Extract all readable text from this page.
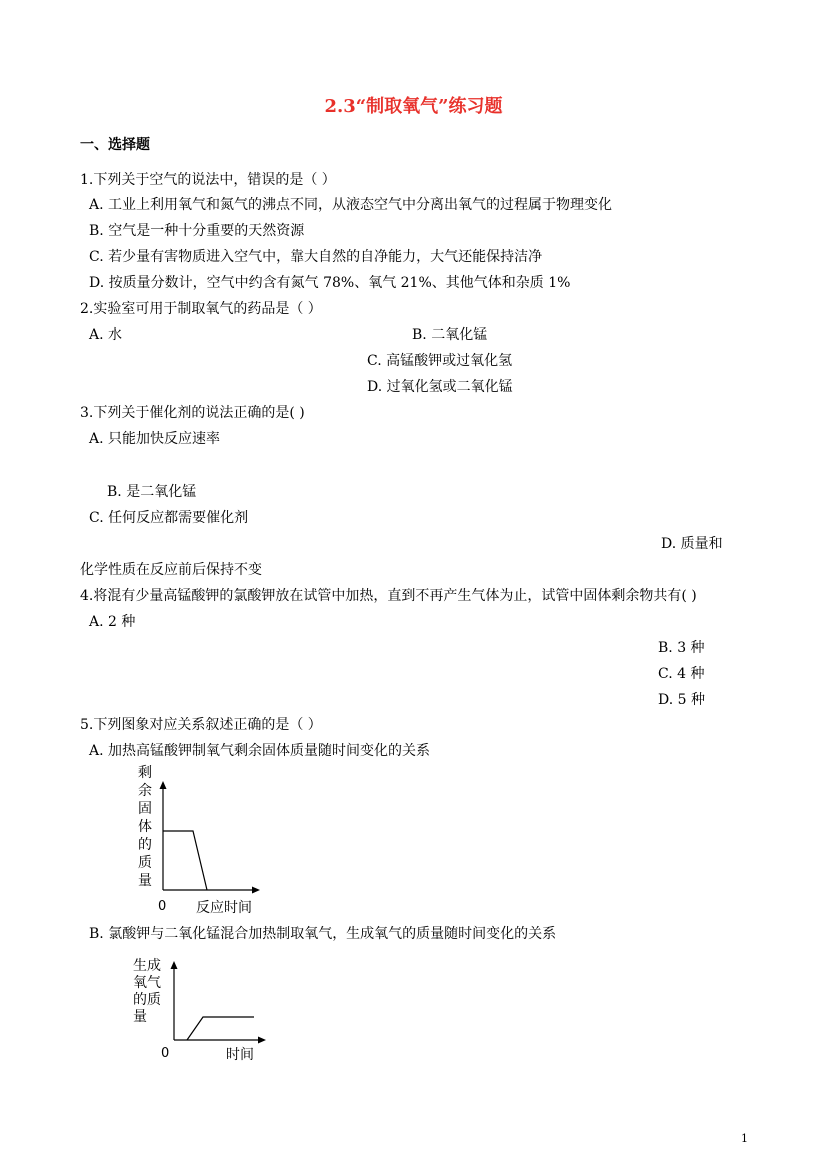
2.3“制取氧气”练习题
一、选择题
1.下列关于空气的说法中，错误的是（ ）
A. 工业上利用氧气和氮气的沸点不同，从液态空气中分离出氧气的过程属于物理变化
B. 空气是一种十分重要的天然资源
C. 若少量有害物质进入空气中，靠大自然的自净能力，大气还能保持洁净
D. 按质量分数计，空气中约含有氮气 78%、氧气 21%、其他气体和杂质 1%
2.实验室可用于制取氧气的药品是（ ）
A. 水	B. 二氧化锰
C. 高锰酸钾或过氧化氢
D. 过氧化氢或二氧化锰
3.下列关于催化剂的说法正确的是( )
A. 只能加快反应速率
B. 是二氧化锰
C. 任何反应都需要催化剂
D. 质量和
化学性质在反应前后保持不变
4.将混有少量高锰酸钾的氯酸钾放在试管中加热，直到不再产生气体为止，试管中固体剩余物共有( )
A. 2 种
B. 3 种
C. 4 种
D. 5 种
5.下列图象对应关系叙述正确的是（ ）
A. 加热高锰酸钾制氧气剩余固体质量随时间变化的关系
剩
余
固
体
的
质
量
0 反应时间
B. 氯酸钾与二氧化锰混合加热制取氧气，生成氧气的质量随时间变化的关系
生成
氧气
的质
量
0	时间
1
